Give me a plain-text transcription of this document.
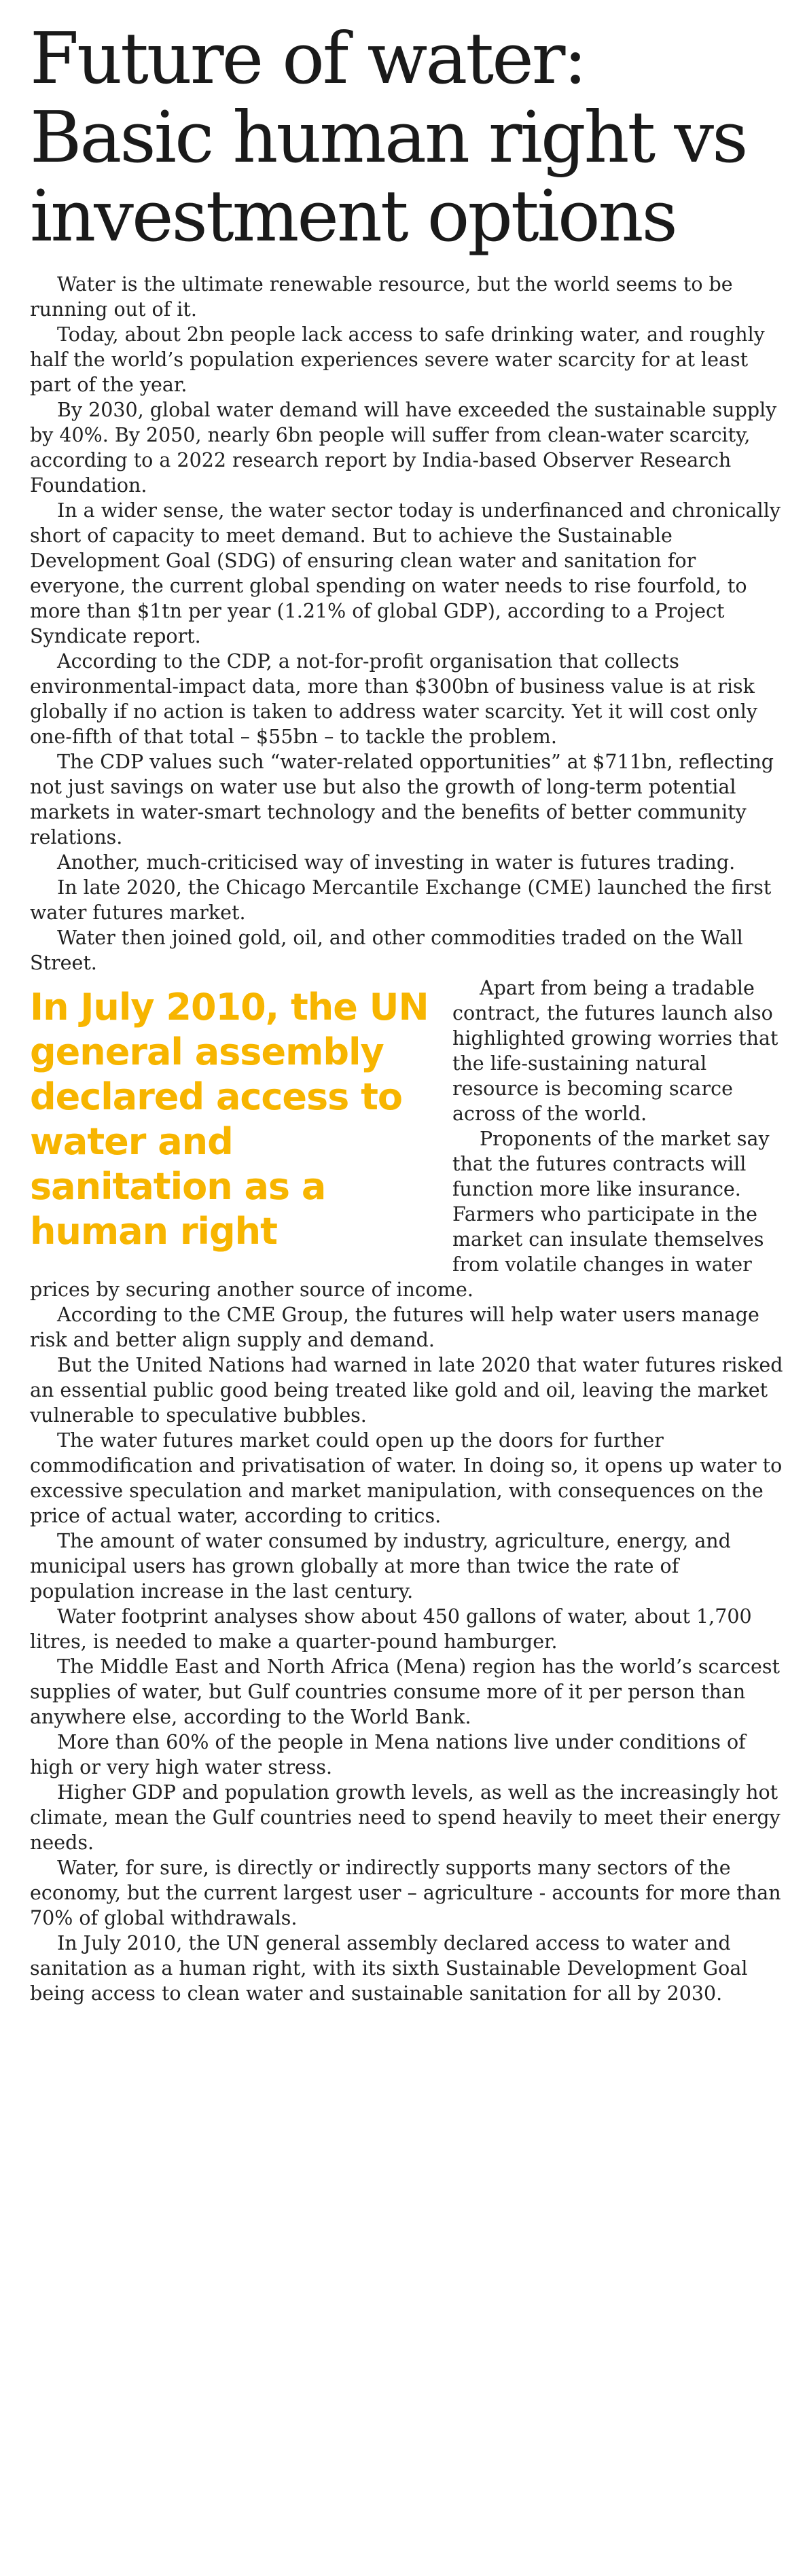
Future of water:
Basic human right vs
investment options

Water is the ultimate renewable resource, but the world seems to be running out of it.

Today, about 2bn people lack access to safe drinking water, and roughly half the world’s population experiences severe water scarcity for at least part of the year.

By 2030, global water demand will have exceeded the sustainable supply by 40%. By 2050, nearly 6bn people will suffer from clean-water scarcity, according to a 2022 research report by India-based Observer Research Foundation.

In a wider sense, the water sector today is underfinanced and chronically short of capacity to meet demand. But to achieve the Sustainable Development Goal (SDG) of ensuring clean water and sanitation for everyone, the current global spending on water needs to rise fourfold, to more than $1tn per year (1.21% of global GDP), according to a Project Syndicate report.

According to the CDP, a not-for-profit organisation that collects environmental-impact data, more than $300bn of business value is at risk globally if no action is taken to address water scarcity. Yet it will cost only one-fifth of that total – $55bn – to tackle the problem.

The CDP values such “water-related opportunities” at $711bn, reflecting not just savings on water use but also the growth of long-term potential markets in water-smart technology and the benefits of better community relations.

Another, much-criticised way of investing in water is futures trading.

In late 2020, the Chicago Mercantile Exchange (CME) launched the first water futures market.

Water then joined gold, oil, and other commodities traded on the Wall Street.

In July 2010, the UN general assembly declared access to water and sanitation as a human right

Apart from being a tradable contract, the futures launch also highlighted growing worries that the life-sustaining natural resource is becoming scarce across of the world.

Proponents of the market say that the futures contracts will function more like insurance. Farmers who participate in the market can insulate themselves from volatile changes in water prices by securing another source of income.

According to the CME Group, the futures will help water users manage risk and better align supply and demand.

But the United Nations had warned in late 2020 that water futures risked an essential public good being treated like gold and oil, leaving the market vulnerable to speculative bubbles.

The water futures market could open up the doors for further commodification and privatisation of water. In doing so, it opens up water to excessive speculation and market manipulation, with consequences on the price of actual water, according to critics.

The amount of water consumed by industry, agriculture, energy, and municipal users has grown globally at more than twice the rate of population increase in the last century.

Water footprint analyses show about 450 gallons of water, about 1,700 litres, is needed to make a quarter-pound hamburger.

The Middle East and North Africa (Mena) region has the world’s scarcest supplies of water, but Gulf countries consume more of it per person than anywhere else, according to the World Bank.

More than 60% of the people in Mena nations live under conditions of high or very high water stress.

Higher GDP and population growth levels, as well as the increasingly hot climate, mean the Gulf countries need to spend heavily to meet their energy needs.

Water, for sure, is directly or indirectly supports many sectors of the economy, but the current largest user – agriculture - accounts for more than 70% of global withdrawals.

In July 2010, the UN general assembly declared access to water and sanitation as a human right, with its sixth Sustainable Development Goal being access to clean water and sustainable sanitation for all by 2030.
